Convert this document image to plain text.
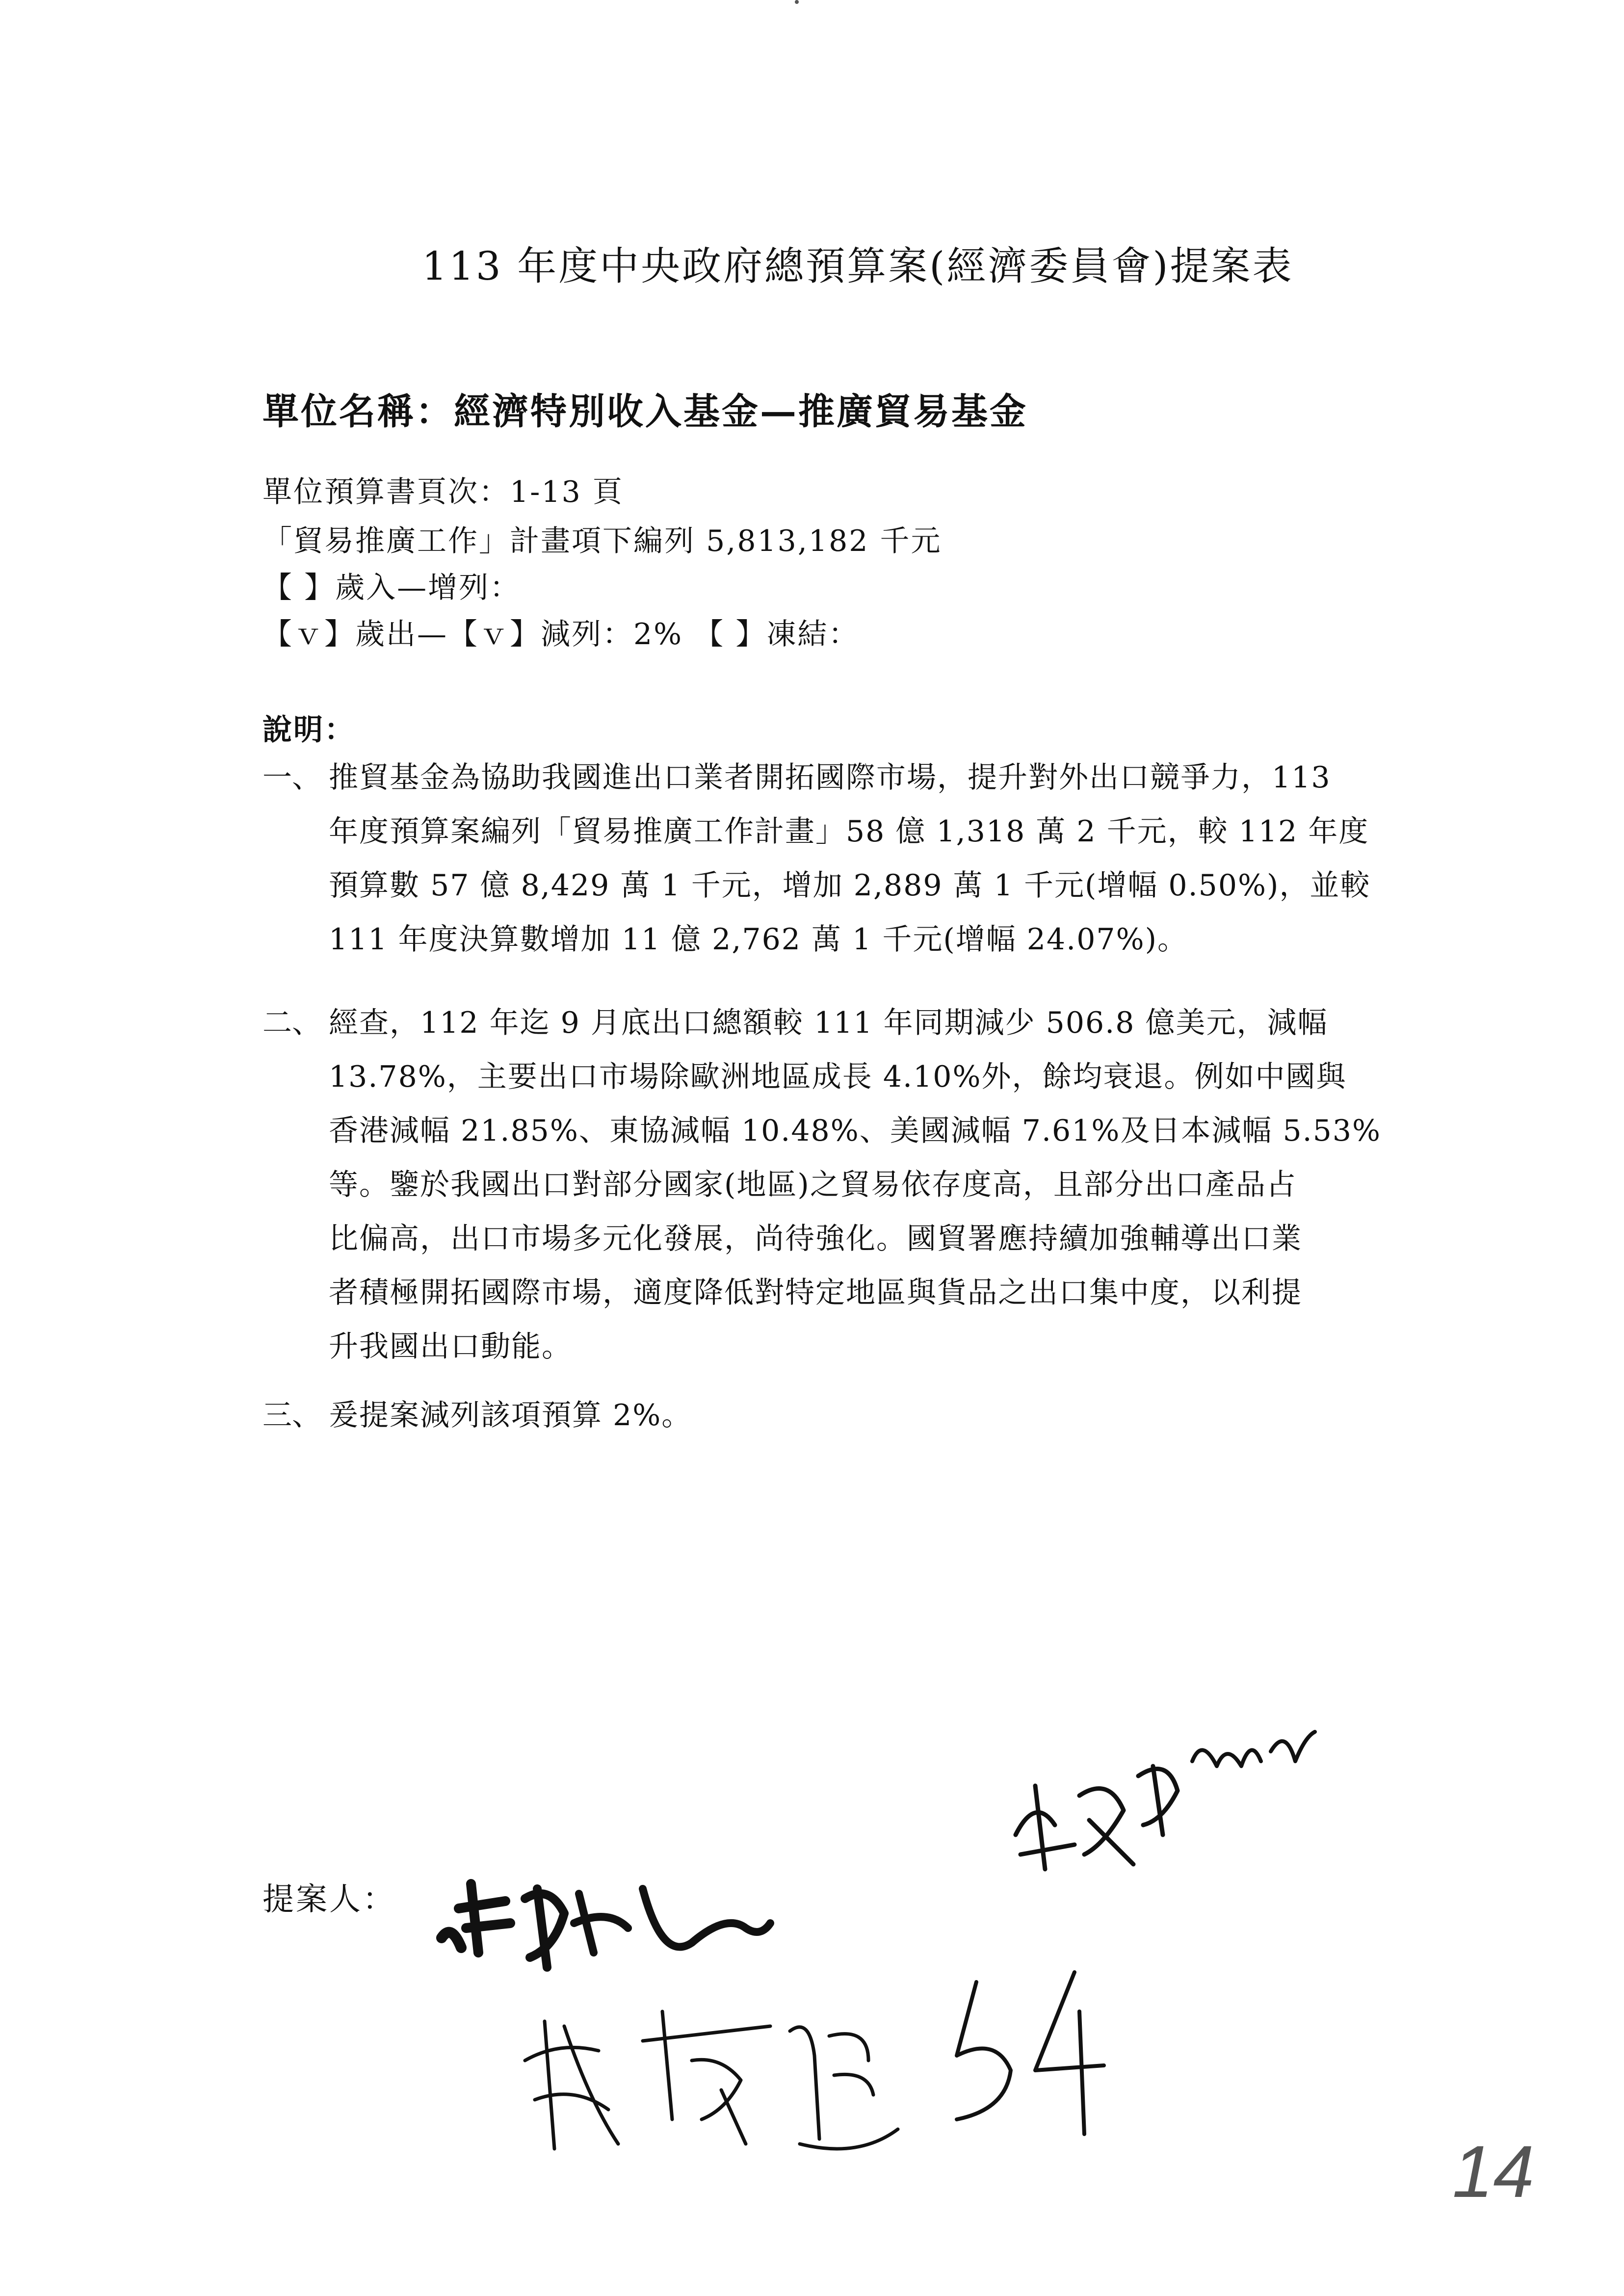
113 年度中央政府總預算案(經濟委員會)提案表
單位名稱：經濟特別收入基金—推廣貿易基金
單位預算書頁次：1-13 頁
「貿易推廣工作」計畫項下編列 5,813,182 千元
【 】歲入—增列：
【ｖ】歲出—【ｖ】減列：2% 【 】凍結：
說明：
一、 推貿基金為協助我國進出口業者開拓國際市場，提升對外出口競爭力，113
年度預算案編列「貿易推廣工作計畫」58 億 1,318 萬 2 千元，較 112 年度
預算數 57 億 8,429 萬 1 千元，增加 2,889 萬 1 千元(增幅 0.50%)，並較
111 年度決算數增加 11 億 2,762 萬 1 千元(增幅 24.07%)。
二、 經查，112 年迄 9 月底出口總額較 111 年同期減少 506.8 億美元，減幅
13.78%，主要出口市場除歐洲地區成長 4.10%外，餘均衰退。例如中國與
香港減幅 21.85%、東協減幅 10.48%、美國減幅 7.61%及日本減幅 5.53%
等。鑒於我國出口對部分國家(地區)之貿易依存度高，且部分出口產品占
比偏高，出口市場多元化發展，尚待強化。國貿署應持續加強輔導出口業
者積極開拓國際市場，適度降低對特定地區與貨品之出口集中度，以利提
升我國出口動能。
三、 爰提案減列該項預算 2%。
提案人：
14
